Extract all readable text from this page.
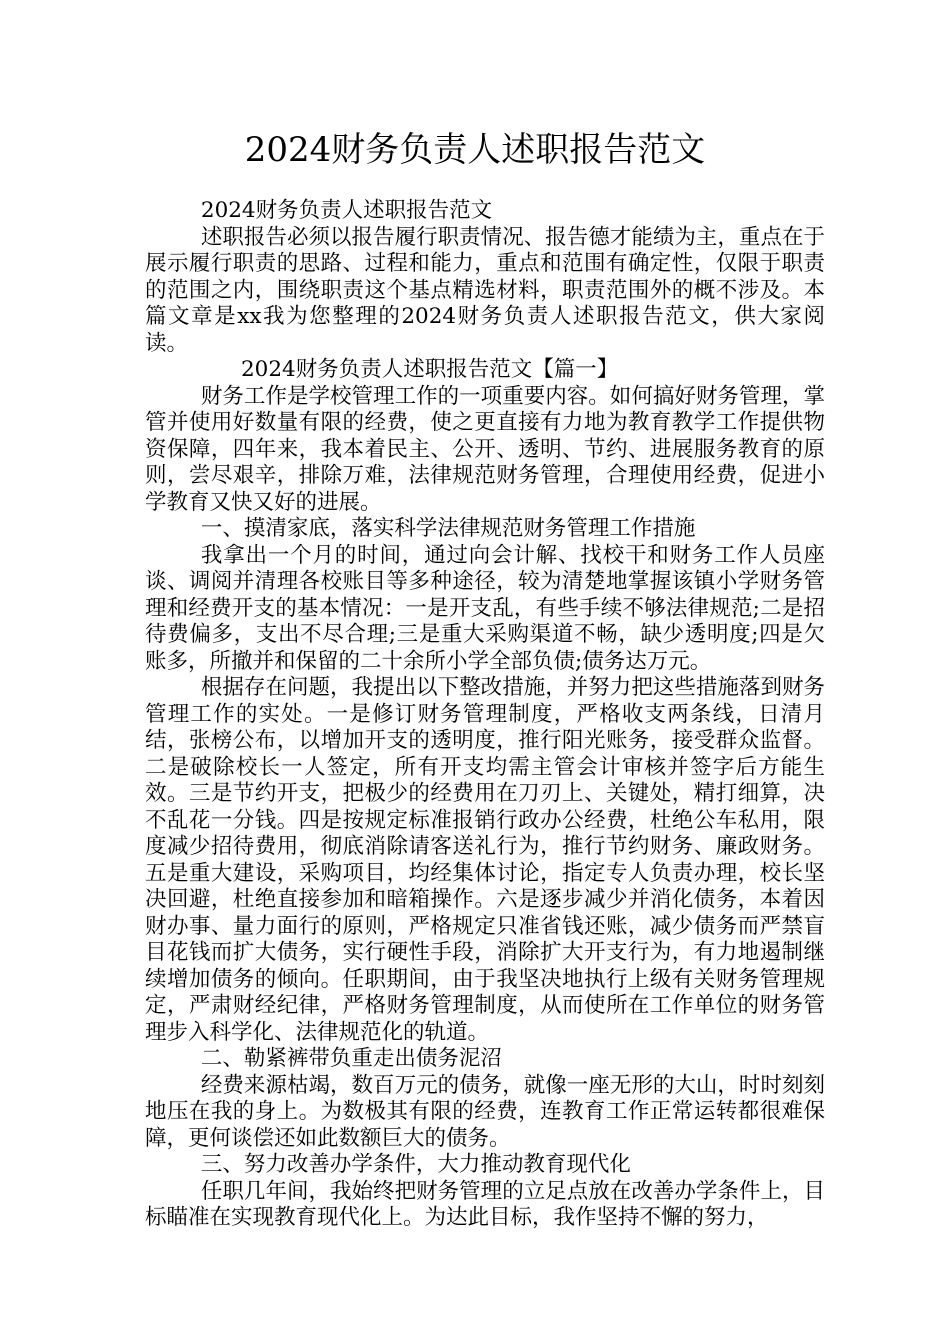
2024财务负责人述职报告范文

2024财务负责人述职报告范文

述职报告必须以报告履行职责情况、报告德才能绩为主，重点在于展示履行职责的思路、过程和能力，重点和范围有确定性，仅限于职责的范围之内，围绕职责这个基点精选材料，职责范围外的概不涉及。本篇文章是xx我为您整理的2024财务负责人述职报告范文，供大家阅读。

2024财务负责人述职报告范文【篇一】

财务工作是学校管理工作的一项重要内容。如何搞好财务管理，掌管并使用好数量有限的经费，使之更直接有力地为教育教学工作提供物资保障，四年来，我本着民主、公开、透明、节约、进展服务教育的原则，尝尽艰辛，排除万难，法律规范财务管理，合理使用经费，促进小学教育又快又好的进展。

一、摸清家底，落实科学法律规范财务管理工作措施

我拿出一个月的时间，通过向会计解、找校干和财务工作人员座谈、调阅并清理各校账目等多种途径，较为清楚地掌握该镇小学财务管理和经费开支的基本情况：一是开支乱，有些手续不够法律规范;二是招待费偏多，支出不尽合理;三是重大采购渠道不畅，缺少透明度;四是欠账多，所撤并和保留的二十余所小学全部负债;债务达万元。

根据存在问题，我提出以下整改措施，并努力把这些措施落到财务管理工作的实处。一是修订财务管理制度，严格收支两条线，日清月结，张榜公布，以增加开支的透明度，推行阳光账务，接受群众监督。二是破除校长一人签定，所有开支均需主管会计审核并签字后方能生效。三是节约开支，把极少的经费用在刀刃上、关键处，精打细算，决不乱花一分钱。四是按规定标准报销行政办公经费，杜绝公车私用，限度减少招待费用，彻底消除请客送礼行为，推行节约财务、廉政财务。五是重大建设，采购项目，均经集体讨论，指定专人负责办理，校长坚决回避，杜绝直接参加和暗箱操作。六是逐步减少并消化债务，本着因财办事、量力面行的原则，严格规定只准省钱还账，减少债务而严禁盲目花钱而扩大债务，实行硬性手段，消除扩大开支行为，有力地遏制继续增加债务的倾向。任职期间，由于我坚决地执行上级有关财务管理规定，严肃财经纪律，严格财务管理制度，从而使所在工作单位的财务管理步入科学化、法律规范化的轨道。

二、勒紧裤带负重走出债务泥沼

经费来源枯竭，数百万元的债务，就像一座无形的大山，时时刻刻地压在我的身上。为数极其有限的经费，连教育工作正常运转都很难保障，更何谈偿还如此数额巨大的债务。

三、努力改善办学条件，大力推动教育现代化

任职几年间，我始终把财务管理的立足点放在改善办学条件上，目标瞄准在实现教育现代化上。为达此目标，我作坚持不懈的努力，
